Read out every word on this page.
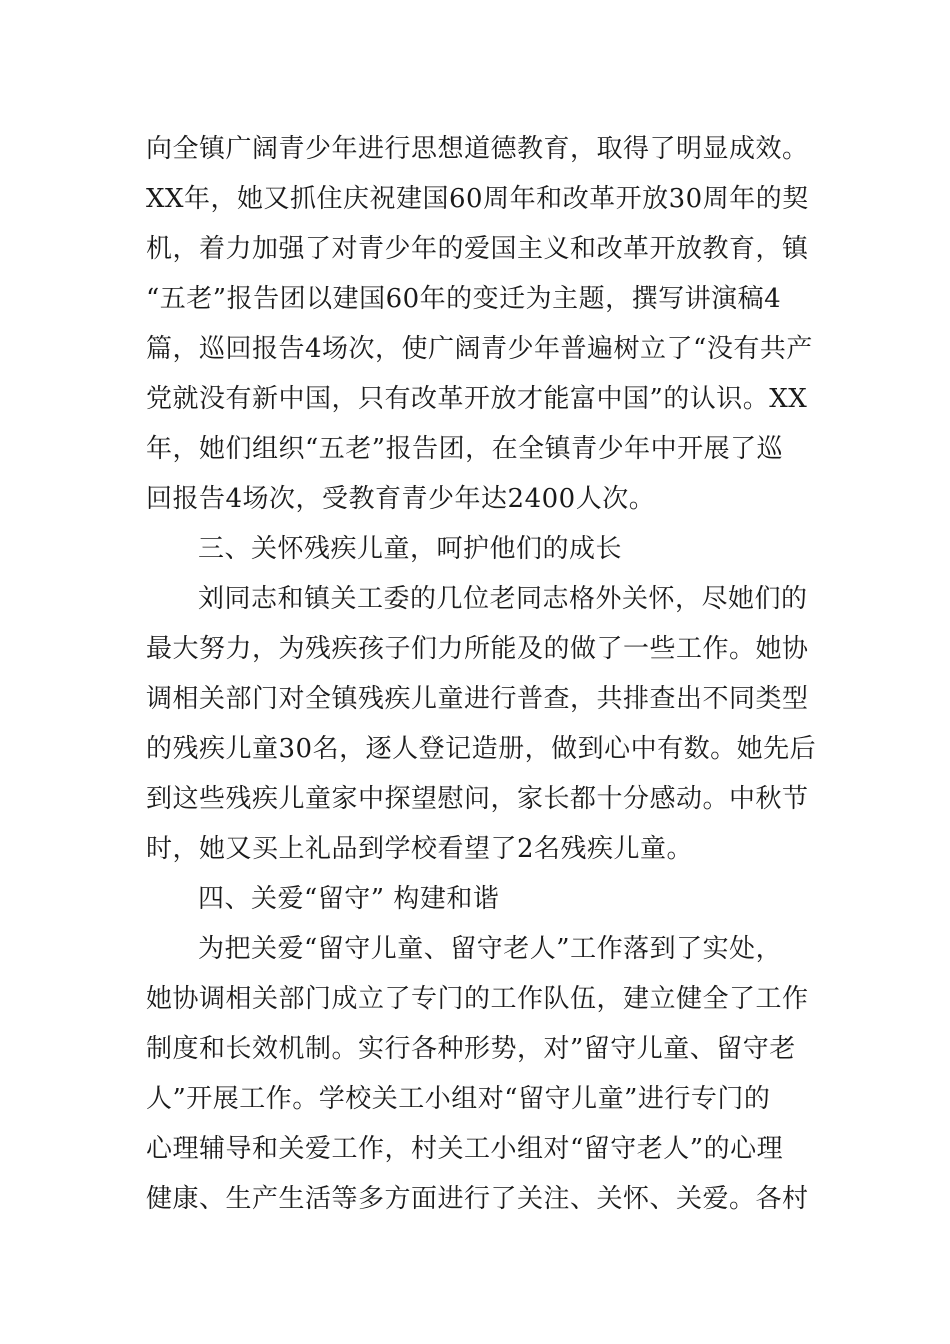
向全镇广阔青少年进行思想道德教育，取得了明显成效。
XX年，她又抓住庆祝建国60周年和改革开放30周年的契
机，着力加强了对青少年的爱国主义和改革开放教育，镇
“五老”报告团以建国60年的变迁为主题，撰写讲演稿4
篇，巡回报告4场次，使广阔青少年普遍树立了“没有共产
党就没有新中国，只有改革开放才能富中国”的认识。XX
年，她们组织“五老”报告团，在全镇青少年中开展了巡
回报告4场次，受教育青少年达2400人次。
三、关怀残疾儿童，呵护他们的成长
刘同志和镇关工委的几位老同志格外关怀，尽她们的
最大努力，为残疾孩子们力所能及的做了一些工作。她协
调相关部门对全镇残疾儿童进行普查，共排查出不同类型
的残疾儿童30名，逐人登记造册，做到心中有数。她先后
到这些残疾儿童家中探望慰问，家长都十分感动。中秋节
时，她又买上礼品到学校看望了2名残疾儿童。
四、关爱“留守” 构建和谐
为把关爱“留守儿童、留守老人”工作落到了实处，
她协调相关部门成立了专门的工作队伍，建立健全了工作
制度和长效机制。实行各种形势，对”留守儿童、留守老
人”开展工作。学校关工小组对“留守儿童”进行专门的
心理辅导和关爱工作，村关工小组对“留守老人”的心理
健康、生产生活等多方面进行了关注、关怀、关爱。各村
